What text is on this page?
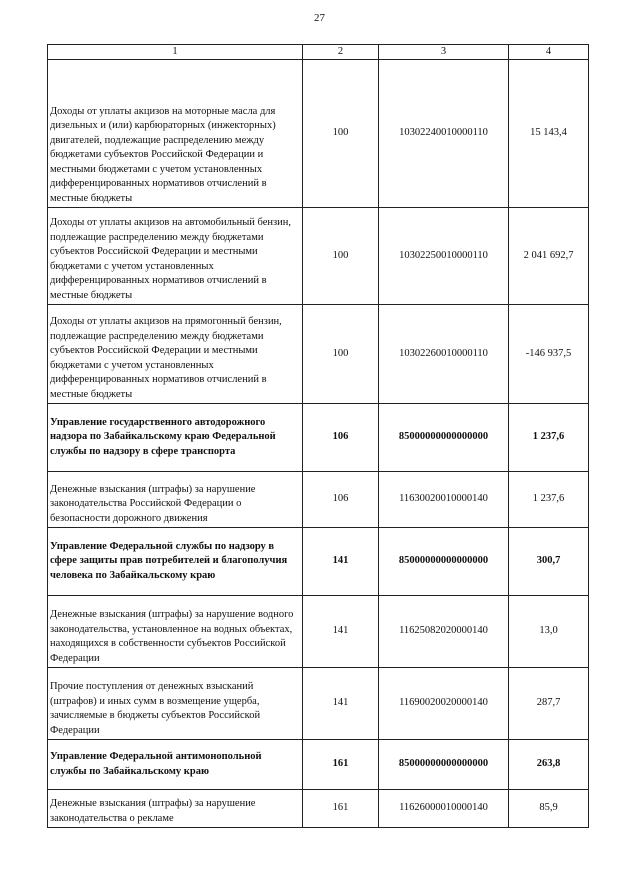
27
1	2	3	4
Доходы от уплаты акцизов на моторные масла для дизельных и (или) карбюраторных (инжекторных) двигателей, подлежащие распределению между бюджетами субъектов Российской Федерации и местными бюджетами с учетом установленных дифференцированных нормативов отчислений в местные бюджеты	100	10302240010000110	15 143,4
Доходы от уплаты акцизов на автомобильный бензин, подлежащие распределению между бюджетами субъектов Российской Федерации и местными бюджетами с учетом установленных дифференцированных нормативов отчислений в местные бюджеты	100	10302250010000110	2 041 692,7
Доходы от уплаты акцизов на прямогонный бензин, подлежащие распределению между бюджетами субъектов Российской Федерации и местными бюджетами с учетом установленных дифференцированных нормативов отчислений в местные бюджеты	100	10302260010000110	-146 937,5
Управление государственного автодорожного надзора по Забайкальскому краю Федеральной службы по надзору в сфере транспорта	106	85000000000000000	1 237,6
Денежные взыскания (штрафы) за нарушение законодательства Российской Федерации о безопасности дорожного движения	106	11630020010000140	1 237,6
Управление Федеральной службы по надзору в сфере защиты прав потребителей и благополучия человека по Забайкальскому краю	141	85000000000000000	300,7
Денежные взыскания (штрафы) за нарушение водного законодательства, установленное на водных объектах, находящихся в собственности субъектов Российской Федерации	141	11625082020000140	13,0
Прочие поступления от денежных взысканий (штрафов) и иных сумм в возмещение ущерба, зачисляемые в бюджеты субъектов Российской Федерации	141	11690020020000140	287,7
Управление Федеральной антимонопольной службы по Забайкальскому краю	161	85000000000000000	263,8
Денежные взыскания (штрафы) за нарушение законодательства о рекламе	161	11626000010000140	85,9
